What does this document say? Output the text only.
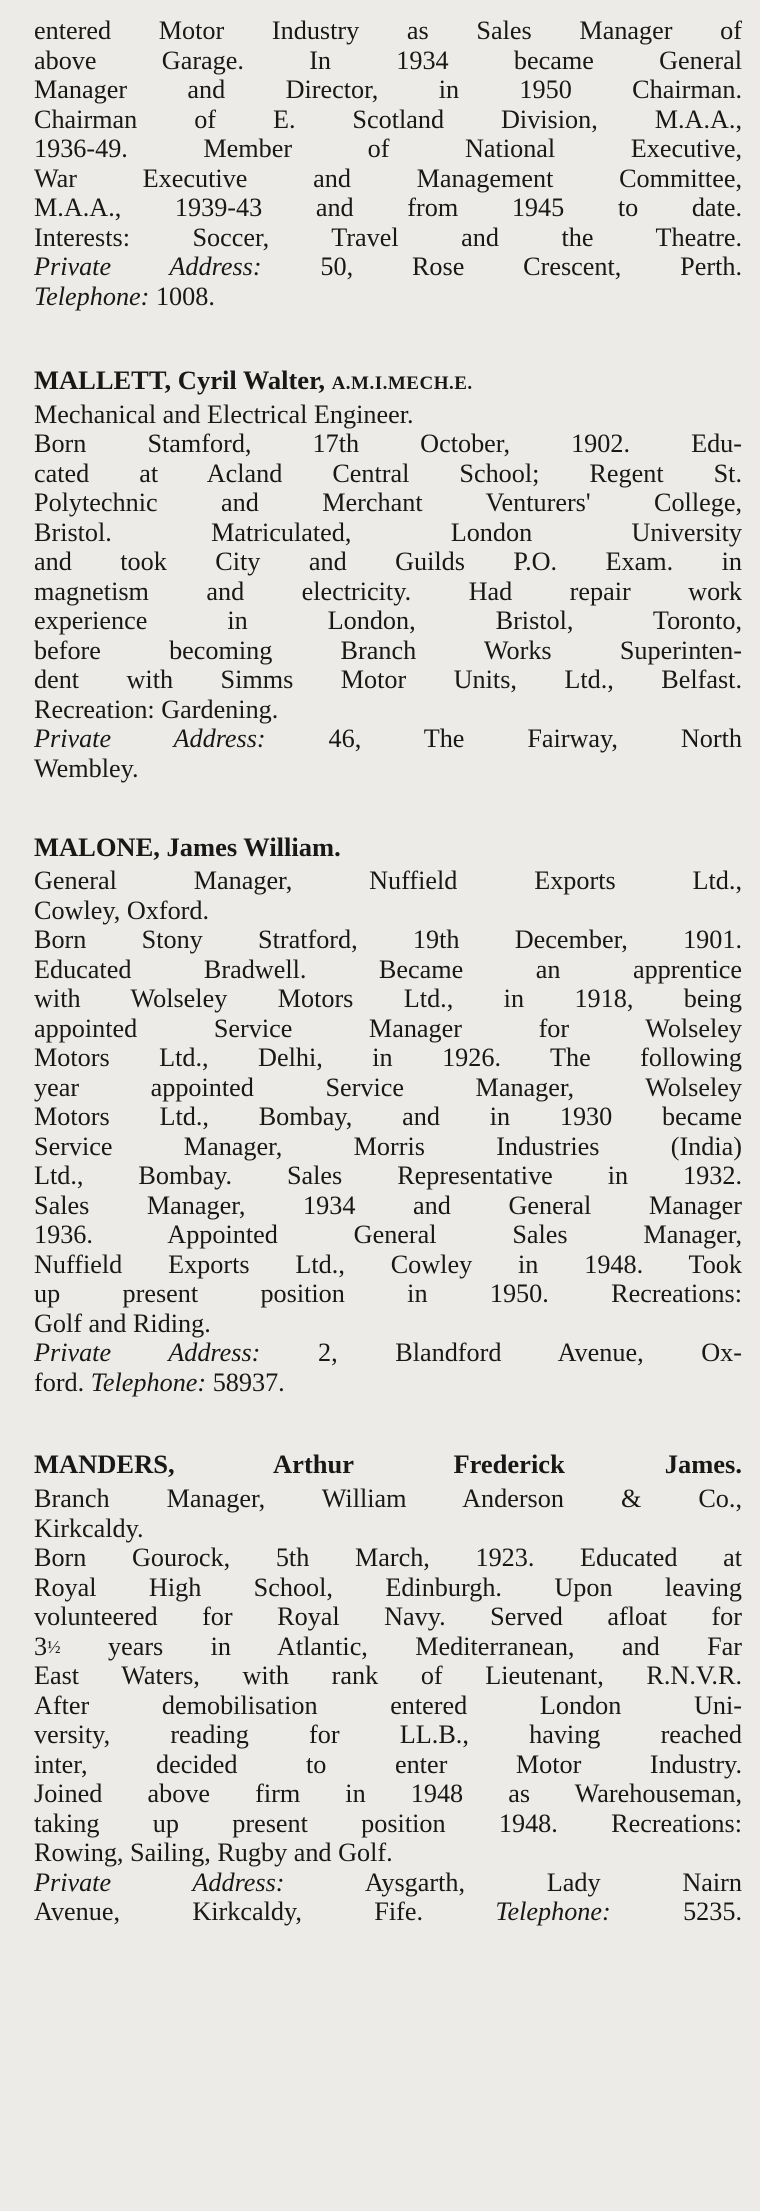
entered Motor Industry as Sales Manager of
above Garage. In 1934 became General
Manager and Director, in 1950 Chairman.
Chairman of E. Scotland Division, M.A.A.,
1936-49. Member of National Executive,
War Executive and Management Committee,
M.A.A., 1939-43 and from 1945 to date.
Interests: Soccer, Travel and the Theatre.
Private Address: 50, Rose Crescent, Perth.
Telephone: 1008.
MALLETT, Cyril Walter, A.M.I.MECH.E.
Mechanical and Electrical Engineer.
Born Stamford, 17th October, 1902. Edu-
cated at Acland Central School; Regent St.
Polytechnic and Merchant Venturers' College,
Bristol. Matriculated, London University
and took City and Guilds P.O. Exam. in
magnetism and electricity. Had repair work
experience in London, Bristol, Toronto,
before becoming Branch Works Superinten-
dent with Simms Motor Units, Ltd., Belfast.
Recreation: Gardening.
Private Address: 46, The Fairway, North
Wembley.
MALONE, James William.
General Manager, Nuffield Exports Ltd.,
Cowley, Oxford.
Born Stony Stratford, 19th December, 1901.
Educated Bradwell. Became an apprentice
with Wolseley Motors Ltd., in 1918, being
appointed Service Manager for Wolseley
Motors Ltd., Delhi, in 1926. The following
year appointed Service Manager, Wolseley
Motors Ltd., Bombay, and in 1930 became
Service Manager, Morris Industries (India)
Ltd., Bombay. Sales Representative in 1932.
Sales Manager, 1934 and General Manager
1936. Appointed General Sales Manager,
Nuffield Exports Ltd., Cowley in 1948. Took
up present position in 1950. Recreations:
Golf and Riding.
Private Address: 2, Blandford Avenue, Ox-
ford. Telephone: 58937.
MANDERS, Arthur Frederick James.
Branch Manager, William Anderson & Co.,
Kirkcaldy.
Born Gourock, 5th March, 1923. Educated at
Royal High School, Edinburgh. Upon leaving
volunteered for Royal Navy. Served afloat for
3½ years in Atlantic, Mediterranean, and Far
East Waters, with rank of Lieutenant, R.N.V.R.
After demobilisation entered London Uni-
versity, reading for LL.B., having reached
inter, decided to enter Motor Industry.
Joined above firm in 1948 as Warehouseman,
taking up present position 1948. Recreations:
Rowing, Sailing, Rugby and Golf.
Private Address: Aysgarth, Lady Nairn
Avenue, Kirkcaldy, Fife. Telephone: 5235.
